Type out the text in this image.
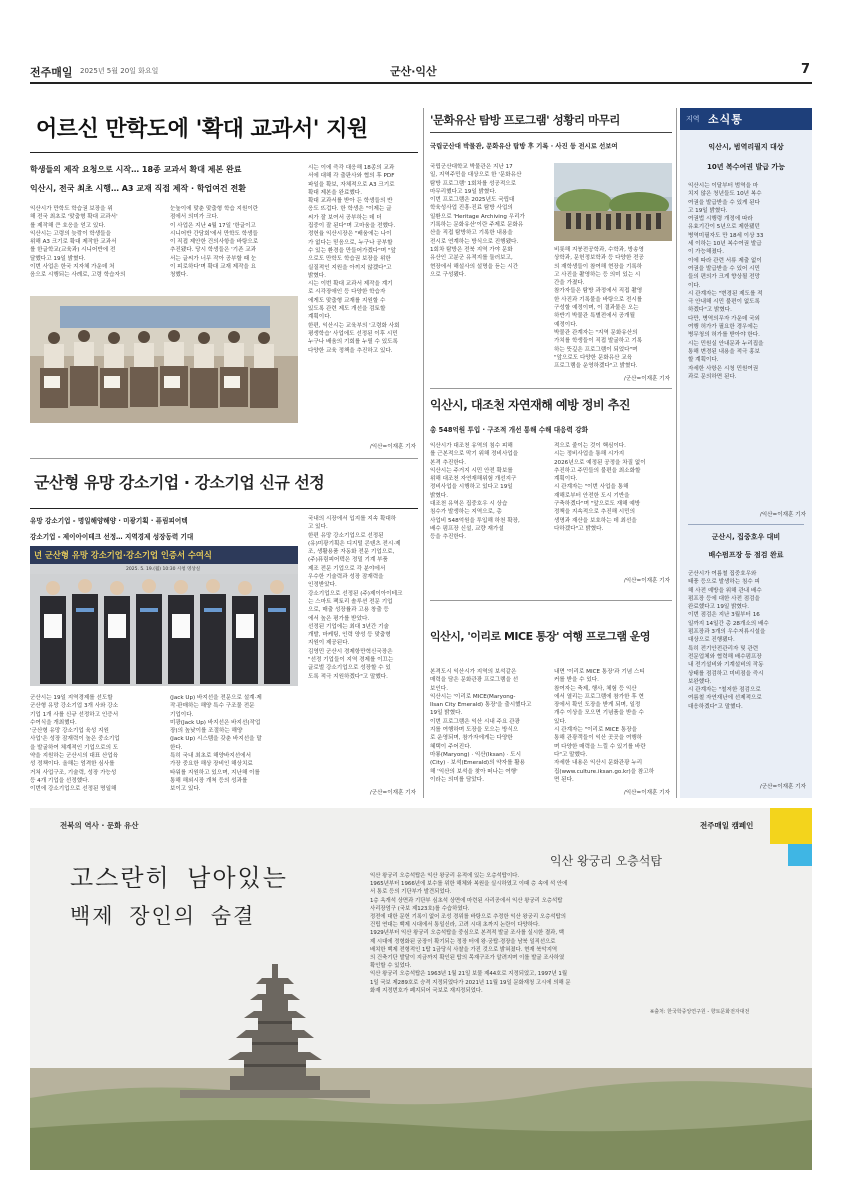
전주매일 2025년 5월 20일 화요일	군산·익산	7
어르신 만학도에 '확대 교과서' 지원
학생들의 제작 요청으로 시작… 18종 교과서 확대 제본 완료
익산시, 전국 최초 시행… A3 교재 직접 제작 · 학업여건 전환
익산시가 만학도 학습권 보장을 위
해 전국 최초로 '맞춤형 확대 교과서'
를 제작해 큰 호응을 얻고 있다.
익산시는 고령의 늦깎이 학생들을
위해 A3 크기로 확대 제작한 교과서
를 한글학교(교육과) 시니어반에 전
달했다고 19일 밝혔다.
이번 사업은 한국 지자체 가운데 처
음으로 시행되는 사례로, 고령 학습자의
눈높이에 맞춘 맞춤형 학습 지원이란
점에서 의미가 크다.
이 사업은 지난 4월 17일 '한글이고
시니어반 간담회'에서 만학도 학생들
이 직접 제안한 건의사항을 바탕으로
추진됐다. 당시 학생들은 '기존 교과
서는 글씨가 너무 작아 공부할 때 눈
이 피로하다'며 확대 교재 제작을 요
청했다.
시는 이에 즉각 대응해 18종의 교과
서에 대해 각 출판사와 협의 후 PDF
파일을 확보, 자체적으로 A3 크기로
확대 제본을 완료했다.
확대 교과서를 받아 든 학생들의 반
응도 뜨겁다. 한 학생은 "이제는 글
씨가 잘 보여서 공부하는 데 더
집중이 잘 된다"며 고마움을 전했다.
정헌율 익산시장은 "배움에는 나이
가 없다는 믿음으로, 누구나 공부할
수 있는 환경을 만들어가겠다"며 "앞
으로도 만학도 학습권 보장을 위한
실질적인 지원을 아끼지 않겠다"고
밝혔다.
시는 이번 확대 교과서 제작을 계기
로 시각장애인 등 다양한 학습자
에게도 맞춤형 교재를 지원할 수
있도록 관련 제도 개선을 검토할
계획이다.
한편, 익산시는 교육부의 '고령화 사회
평생학습' 사업에도 선정된 이후 시민
누구나 배움의 기회를 누릴 수 있도록
다양한 교육 정책을 추진하고 있다.
/익산=이재훈 기자
'문화유산 탐방 프로그램' 성황리 마무리
국립군산대 박물관, 문화유산 탐방 후 기록 · 사진 등 전시로 선보여
국립군산대학교 박물관은 지난 17
일, 지역주민을 대상으로 한 '문화유산
탐방 프로그램' 1회차를 성공적으로
마무리했다고 19일 밝혔다.
이번 프로그램은 2025년도 국립대
학육성사업 진흥·진료 탐방 사업의
일환으로 'Heritage Archiving 우리가
기록하는 문화유산'이란 주제로 문화유
산을 직접 탐방하고 기록한 내용을
전시로 연계하는 방식으로 진행됐다.
1회차 탐방은 전북 지역 가야 문화
유산인 고분군 유적지를 둘러보고,
현장에서 해설사의 설명을 듣는 시간
으로 구성됐다.
비롯해 지붕전공학과, 수학과, 방송영
상학과, 문헌정보학과 등 다양한 전공
의 재학생들이 참여해 현장을 기록하
고 사진을 촬영하는 등 의미 있는 시
간을 가졌다.
참가자들은 탐방 과정에서 직접 촬영
한 사진과 기록물을 바탕으로 전시를
구성할 예정이며, 이 결과물은 오는
하반기 박물관 특별전에서 공개될
예정이다.
박물관 관계자는 "지역 문화유산의
가치를 학생들이 직접 발굴하고 기록
하는 뜻깊은 프로그램이 되었다"며
"앞으로도 다양한 문화유산 교육
프로그램을 운영하겠다"고 밝혔다.
/군산=이재훈 기자
익산시, 대조천 자연재해 예방 정비 추진
총 548억원 투입 · 구조적 개선 통해 수해 대응력 강화
익산시가 대조천 유역의 침수 피해
를 근본적으로 막기 위해 정비사업을
본격 추진한다.
익산시는 주거지 시민 안전 확보를
위해 대조천 자연재해위험 개선지구
정비사업을 시행하고 있다고 19일
밝혔다.
대조천 유역은 집중호우 시 상습
침수가 발생하는 지역으로, 총
사업비 548억원을 투입해 하천 확장,
배수 펌프장 신설, 교량 재가설
등을 추진한다.
적으로 줄이는 것이 핵심이다.
시는 정비사업을 통해 시가지
2026년으로 예정된 공정을 차질 없이
추진하고 주민들의 불편을 최소화할
계획이다.
시 관계자는 "이번 사업을 통해
재해로부터 안전한 도시 기반을
구축하겠다"며 "앞으로도 재해 예방
정책을 지속적으로 추진해 시민의
생명과 재산을 보호하는 데 최선을
다하겠다"고 밝혔다.
/익산=이재훈 기자
익산시, '이리로 MICE 통장' 여행 프로그램 운영
본격도시 익산시가 지역의 보석같은
매력을 담은 문화관광 프로그램을 선
보인다.
익산시는 '이리로 MICE(Maryong-
Ilsan City Emerald) 통장'을 출시했다고
19일 밝혔다.
이번 프로그램은 익산 시내 주요 관광
지를 여행하며 도장을 모으는 방식으
로 운영되며, 참가자에게는 다양한
혜택이 주어진다.
마룡(Maryong) · 익산(Iksan) · 도시
(City) · 보석(Emerald)의 약자를 활용
해 '익산의 보석을 찾아 떠나는 여행'
이라는 의미를 담았다.
내면 '이리로 MICE 통장'과 기념 스티
커를 받을 수 있다.
참여자는 축제, 행사, 체험 등 익산
에서 열리는 프로그램에 참가한 후 현
장에서 확인 도장을 받게 되며, 일정
개수 이상을 모으면 기념품을 받을 수
있다.
시 관계자는 "이리로 MICE 통장을
통해 관광객들이 익산 곳곳을 여행하
며 다양한 매력을 느낄 수 있기를 바란
다"고 말했다.
자세한 내용은 익산시 문화관광 누리
집(www.culture.iksan.go.kr)을 참고하
면 된다.
/익산=이재훈 기자
군산형 유망 강소기업 · 강소기업 신규 선정
유망 강소기업 - 명일해양해양 · 미광기획 · 퓨림피어텍
강소기업 - 제이아이테크 선정… 지역경제 성장동력 기대
년 군산형 유망 강소기업·강소기업 인증서 수여식
2025. 5. 19.(월) 10:30 시청 영상실
국내의 시장에서 입지를 지속 확대하
고 있다.
한편 유망 강소기업으로 선정된
(유)미광기획은 디지털 콘텐츠 전시·제
조, 생활용품 자동화 전문 기업으로,
(주)퓨림피어텍은 정밀 기계 부품
제조 전문 기업으로 각 분야에서
우수한 기술력과 성장 잠재력을
인정받았다.
강소기업으로 선정된 (주)제이아이테크
는 스마트 팩토리 솔루션 전문 기업
으로, 매출 성장률과 고용 창출 등
에서 높은 평가를 받았다.
선정된 기업에는 최대 3년간 기술
개발, 마케팅, 인력 양성 등 맞춤형
지원이 제공된다.
김영민 군산시 경제항만혁신국장은
"선정 기업들이 지역 경제를 이끄는
글로벌 강소기업으로 성장할 수 있
도록 적극 지원하겠다"고 말했다.
군산시는 19일 지역경제를 선도할
군산형 유망 강소기업 3개 사와 강소
기업 1개 사를 신규 선정하고 인증서
수여식을 개최했다.
'군산형 유망 강소기업 육성 지원
사업'은 성장 잠재력이 높은 중소기업
을 발굴하여 체계적인 기업으로의 도
약을 지원하는 군산시의 대표 산업육
성 정책이다. 올해는 엄격한 심사를
거쳐 사업구조, 기술력, 성장 가능성
등 4개 기업을 선정했다.
이번에 강소기업으로 선정된 명일해
(Jack Up) 바지선을 전문으로 설계·제
작·판매하는 해양 특수 구조물 전문
기업이다.
미광(Jack Up) 바지선은 바지선(작업
장)의 높낮이를 조절하는 해양
(Jack Up) 시스템을 갖춘 바지선을 말
한다.
특히 국내 최초로 해양바지선에서
가장 중요한 해상 장비인 해상치료
타워를 지원하고 있으며, 지난해 이를
통해 해외시장 개척 등의 성과를
보이고 있다.
/군산=이재훈 기자
지역 소식통
익산시, 범역리필지 대상
10년 복수여권 발급 가능
익산시는 이달부터 범역을 마
치지 않은 청년들도 10년 복수
여권을 발급받을 수 있게 된다
고 19일 밝혔다.
여권법 시행령 개정에 따라
유효기간이 5년으로 제한됐던
병역미필자도 만 18세 이상 33
세 이하는 10년 복수여권 발급
이 가능해졌다.
이에 따라 관련 서류 제출 없이
여권을 발급받을 수 있어 시민
들의 편의가 크게 향상될 전망
이다.
시 관계자는 "변경된 제도를 적
극 안내해 시민 불편이 없도록
하겠다"고 밝혔다.
다만, 병역의무자 가운데 국외
여행 허가가 필요한 경우에는
병무청의 허가를 받아야 한다.
시는 민원실 안내문과 누리집을
통해 변경된 내용을 적극 홍보
할 계획이다.
자세한 사항은 시청 민원여권
과로 문의하면 된다.
/익산=이재훈 기자
군산시, 집중호우 대비
배수펌프장 등 점검 완료
군산시가 여름철 집중호우와
태풍 등으로 발생하는 침수 피
해 사전 예방을 위해 관내 배수
펌프장 등에 대한 사전 점검을
완료했다고 19일 밝혔다.
이번 점검은 지난 3월부터 16
일까지 14일간 총 28개소의 배수
펌프장과 3개의 우수저류시설을
대상으로 진행됐다.
특히 전기안전관리자 및 관련
전문업체와 협력해 배수펌프장
내 전기설비와 기계설비의 작동
상태를 점검하고 미비점을 즉시
보완했다.
시 관계자는 "철저한 점검으로
여름철 자연재난에 선제적으로
대응하겠다"고 말했다.
/군산=이재훈 기자
전북의 역사 · 문화 유산	전주매일 캠페인
고스란히 남아있는
백제 장인의 숨결
익산 왕궁리 오층석탑
익산 왕궁리 오층석탑은 익산 왕궁리 유적에 있는 오층석탑이다.
1965년부터 1966년에 보수를 위한 해체와 복원을 실시하였고 이때 층 속에 석 안에
서 통로 등의 기단부가 발견되었다.
1층 옥개석 상면과 기단부 심초석 상면에 마련된 사리공에서 익산 왕궁리 오층석탑
사리장엄구 (국보 제123호)를 수습하였다.
정전에 대한 문헌 기록이 없어 조성 경위를 바탕으로 추정한 익산 왕궁리 오층석탑의
건립 연대는 백제 시대에서 통일신라, 고려 시대 초까지 논란이 다양하다.
1929년부터 익산 왕궁리 오층석탑을 중심으로 본격적 발굴 조사를 실시한 결과, 백
제 시대에 정형화된 궁장이 확기되는 정장 터에 왕·궁탑·경장을 남북 일직선으로
배치한 백제 전형적인 1탑 1금당식 사찰을 가진 것으로 밝혀졌다. 현재 북악지역
의 건축기단 발달이 지금까지 확인된 탑의 목재구조가 알려지며 이를 발굴 조사하였
확인할 수 있었다.
익산 왕궁리 오층석탑은 1963년 1월 21일 보물 제44호로 지정되었고, 1997년 1월
1일 국보 제289호로 승격 지정되었다가 2021년 11월 19일 문화재청 고시에 의해 문
화재 지정번호가 폐지되어 국보로 재지정되었다.
※출처: 한국학중앙연구원 - 향토문화전자대전
